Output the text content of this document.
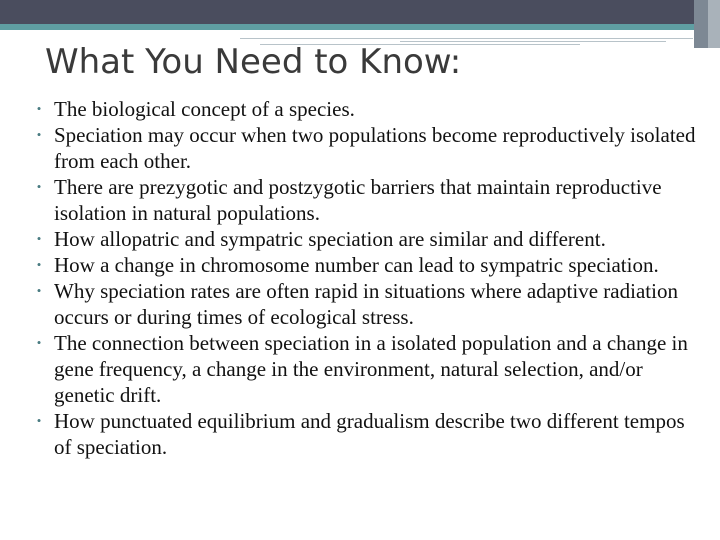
What You Need to Know:
• The biological concept of a species.
• Speciation may occur when two populations become reproductively isolated from each other.
• There are prezygotic and postzygotic barriers that maintain reproductive isolation in natural populations.
• How allopatric and sympatric speciation are similar and different.
• How a change in chromosome number can lead to sympatric speciation.
• Why speciation rates are often rapid in situations where adaptive radiation occurs or during times of ecological stress.
• The connection between speciation in a isolated population and a change in gene frequency, a change in the environment, natural selection, and/or genetic drift.
• How punctuated equilibrium and gradualism describe two different tempos of speciation.
